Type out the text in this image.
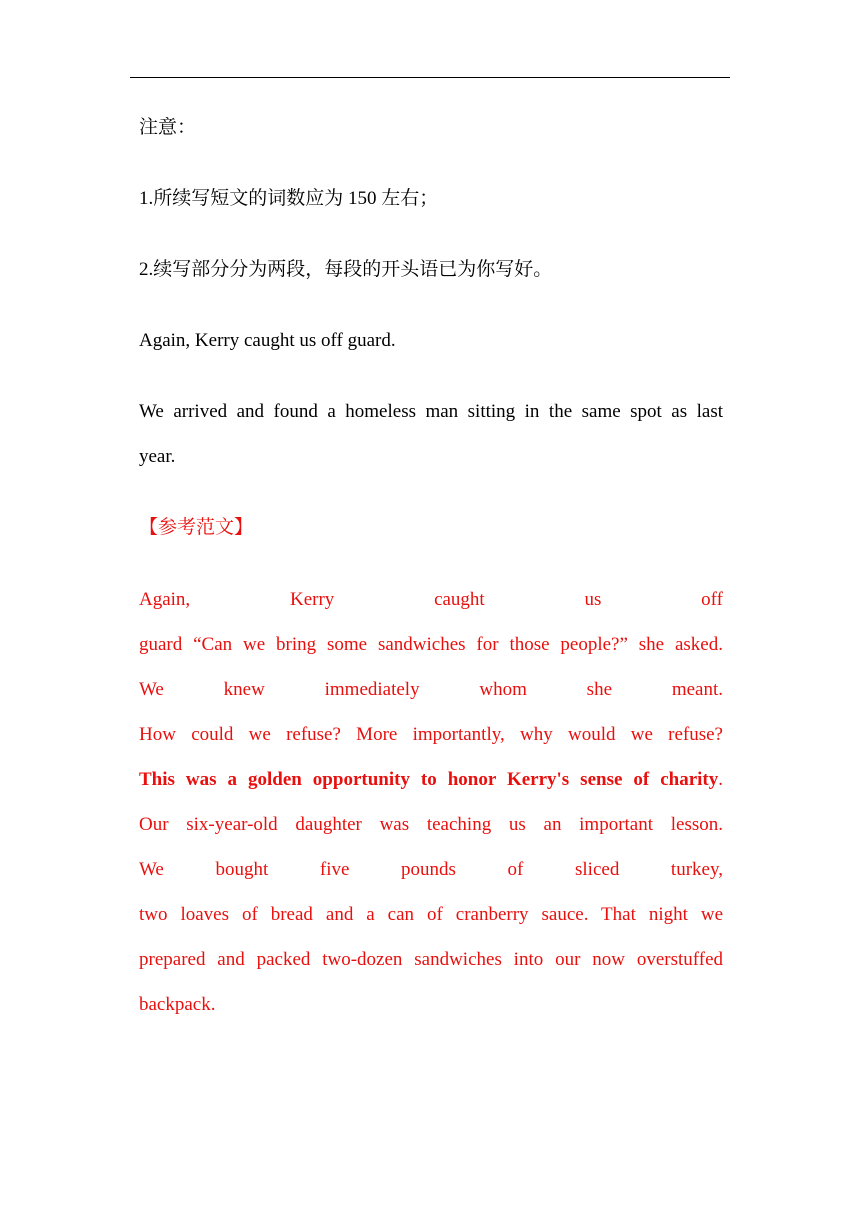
注意：
1.所续写短文的词数应为 150 左右；
2.续写部分分为两段，每段的开头语已为你写好。
Again, Kerry caught us off guard.
We arrived and found a homeless man sitting in the same spot as last
year.
【参考范文】
Again, Kerry caught us off
guard “Can we bring some sandwiches for those people?” she asked.
We knew immediately whom she meant.
How could we refuse? More importantly, why would we refuse?
This was a golden opportunity to honor Kerry's sense of charity.
Our six-year-old daughter was teaching us an important lesson.
We bought five pounds of sliced turkey,
two loaves of bread and a can of cranberry sauce. That night we
prepared and packed two-dozen sandwiches into our now overstuffed
backpack.
